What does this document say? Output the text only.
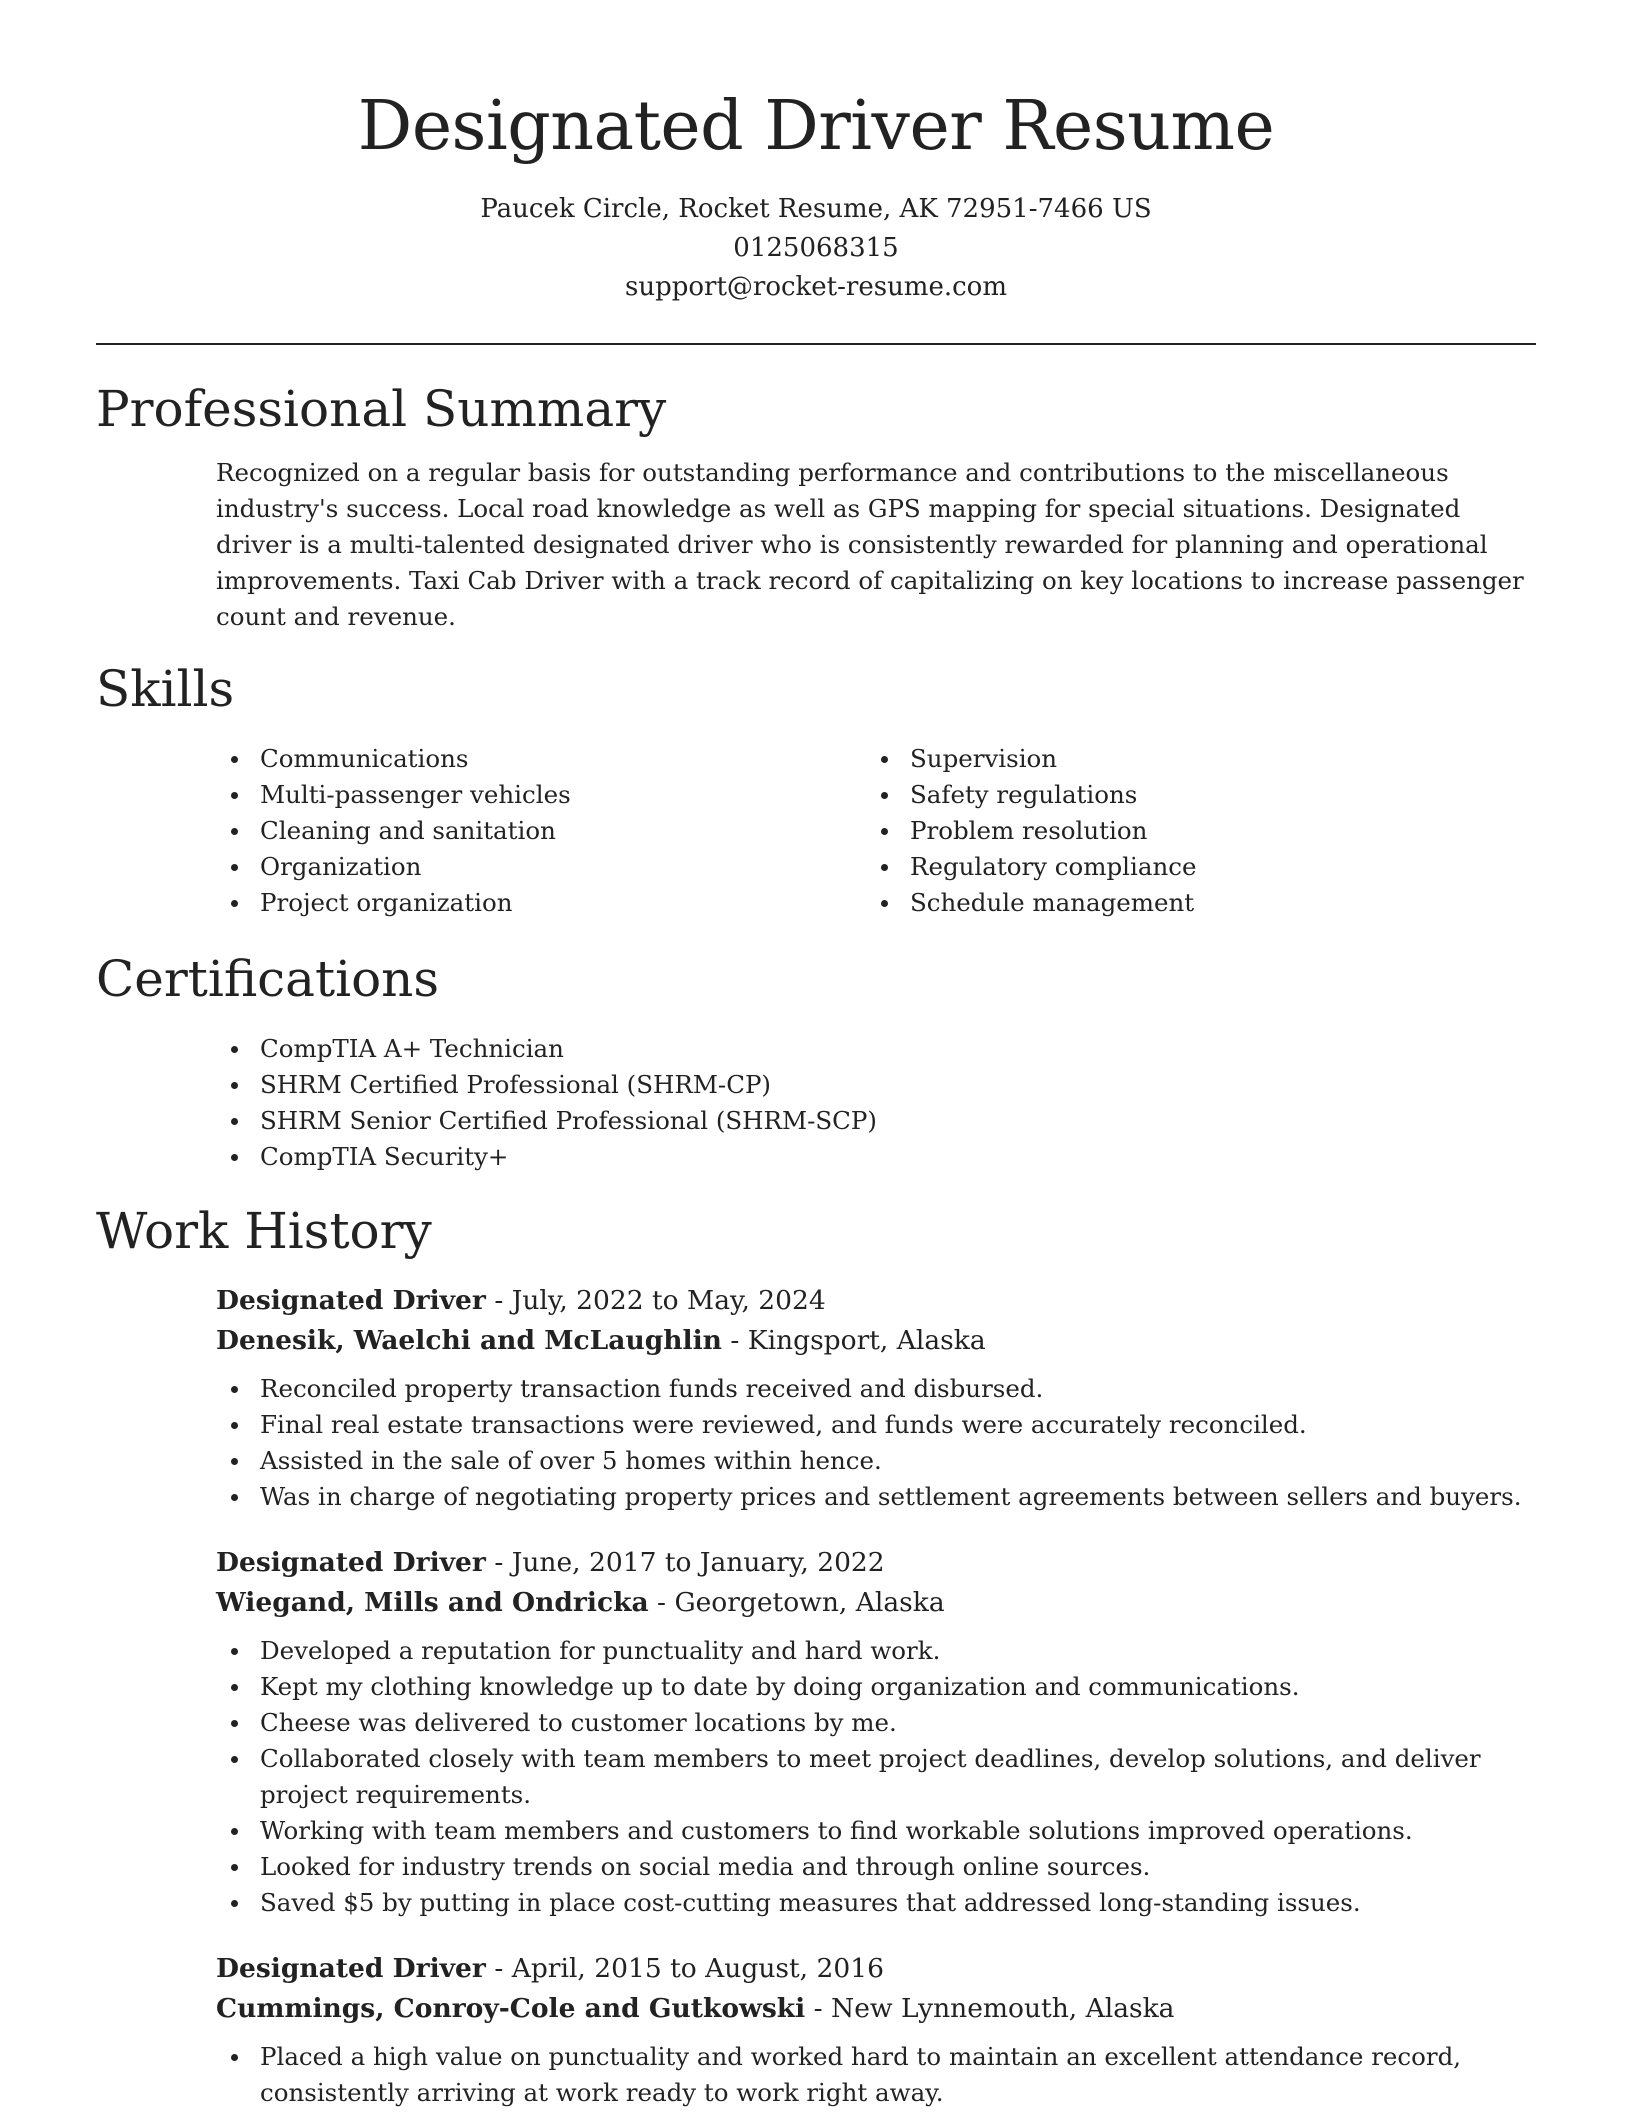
Designated Driver Resume
Paucek Circle, Rocket Resume, AK 72951-7466 US
0125068315
support@rocket-resume.com
Professional Summary

Recognized on a regular basis for outstanding performance and contributions to the miscellaneous industry's success. Local road knowledge as well as GPS mapping for special situations. Designated driver is a multi-talented designated driver who is consistently rewarded for planning and operational improvements. Taxi Cab Driver with a track record of capitalizing on key locations to increase passenger count and revenue.

Skills
Communications
Multi-passenger vehicles
Cleaning and sanitation
Organization
Project organization
Supervision
Safety regulations
Problem resolution
Regulatory compliance
Schedule management
Certifications
CompTIA A+ Technician
SHRM Certified Professional (SHRM-CP)
SHRM Senior Certified Professional (SHRM-SCP)
CompTIA Security+
Work History
Designated Driver - July, 2022 to May, 2024
Denesik, Waelchi and McLaughlin - Kingsport, Alaska
Reconciled property transaction funds received and disbursed.
Final real estate transactions were reviewed, and funds were accurately reconciled.
Assisted in the sale of over 5 homes within hence.
Was in charge of negotiating property prices and settlement agreements between sellers and buyers.
Designated Driver - June, 2017 to January, 2022
Wiegand, Mills and Ondricka - Georgetown, Alaska
Developed a reputation for punctuality and hard work.
Kept my clothing knowledge up to date by doing organization and communications.
Cheese was delivered to customer locations by me.
Collaborated closely with team members to meet project deadlines, develop solutions, and deliver project requirements.
Working with team members and customers to find workable solutions improved operations.
Looked for industry trends on social media and through online sources.
Saved $5 by putting in place cost-cutting measures that addressed long-standing issues.
Designated Driver - April, 2015 to August, 2016
Cummings, Conroy-Cole and Gutkowski - New Lynnemouth, Alaska
Placed a high value on punctuality and worked hard to maintain an excellent attendance record, consistently arriving at work ready to work right away.
